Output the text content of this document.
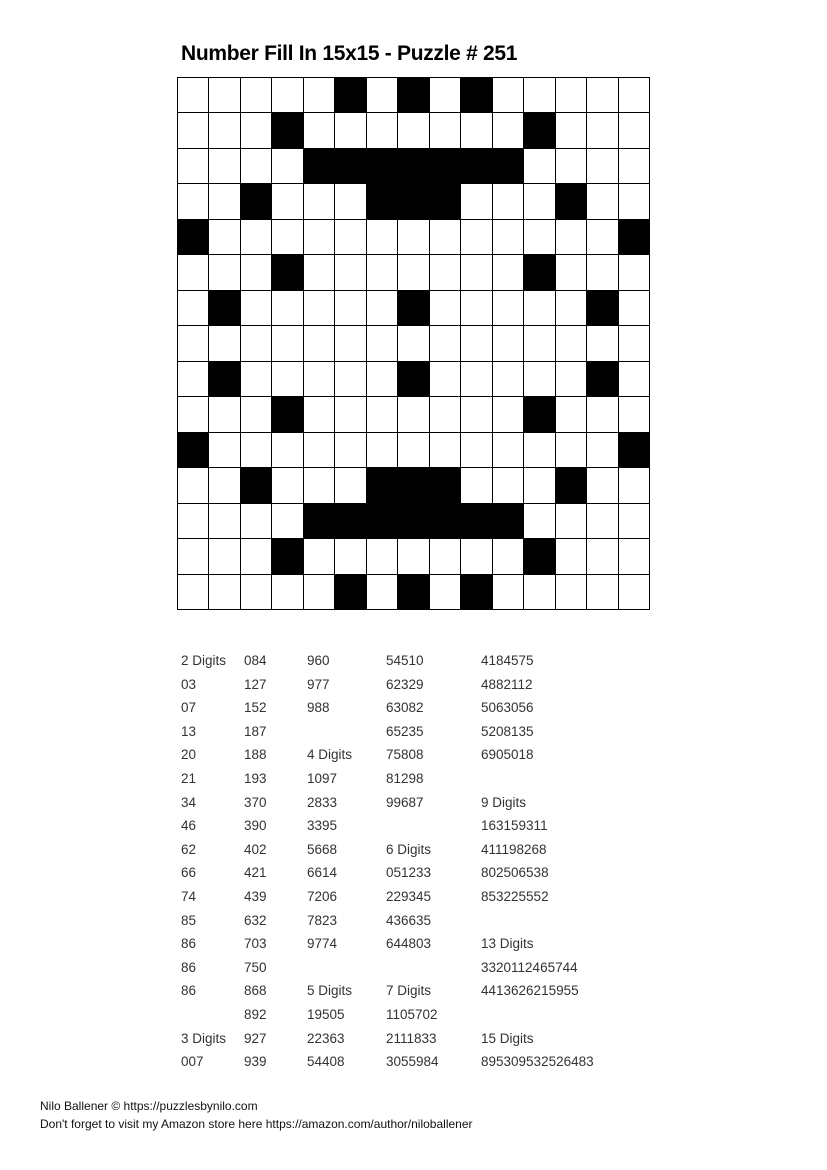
Number Fill In 15x15 - Puzzle # 251
2 Digits
03
07
13
20
21
34
46
62
66
74
85
86
86
86
3 Digits
007
084
127
152
187
188
193
370
390
402
421
439
632
703
750
868
892
927
939
960
977
988
4 Digits
1097
2833
3395
5668
6614
7206
7823
9774
5 Digits
19505
22363
54408
54510
62329
63082
65235
75808
81298
99687
6 Digits
051233
229345
436635
644803
7 Digits
1105702
2111833
3055984
4184575
4882112
5063056
5208135
6905018
9 Digits
163159311
411198268
802506538
853225552
13 Digits
3320112465744
4413626215955
15 Digits
895309532526483
Nilo Ballener © https://puzzlesbynilo.com
Don't forget to visit my Amazon store here https://amazon.com/author/niloballener
